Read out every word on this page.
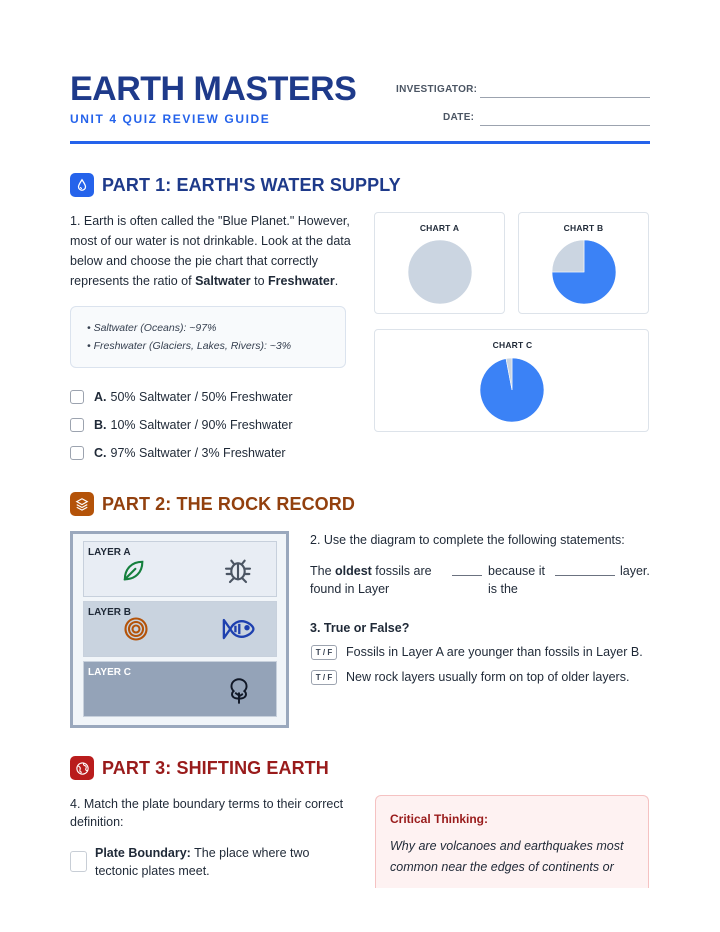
EARTH MASTERS
UNIT 4 QUIZ REVIEW GUIDE
INVESTIGATOR:
DATE:
PART 1: EARTH'S WATER SUPPLY
1. Earth is often called the "Blue Planet." However, most of our water is not drinkable. Look at the data below and choose the pie chart that correctly represents the ratio of Saltwater to Freshwater.
• Saltwater (Oceans): ~97%
• Freshwater (Glaciers, Lakes, Rivers): ~3%
A. 50% Saltwater / 50% Freshwater
B. 10% Saltwater / 90% Freshwater
C. 97% Saltwater / 3% Freshwater
CHART A	CHART B
CHART C
PART 2: THE ROCK RECORD
LAYER A
LAYER B
LAYER C
2. Use the diagram to complete the following statements:
The oldest fossils are found in Layer
because it is the
layer.
3. True or False?
T / F	Fossils in Layer A are younger than fossils in Layer B.
T / F	New rock layers usually form on top of older layers.
PART 3: SHIFTING EARTH
4. Match the plate boundary terms to their correct definition:
Plate Boundary: The place where two tectonic plates meet.
Critical Thinking:
Why are volcanoes and earthquakes most common near the edges of continents or
